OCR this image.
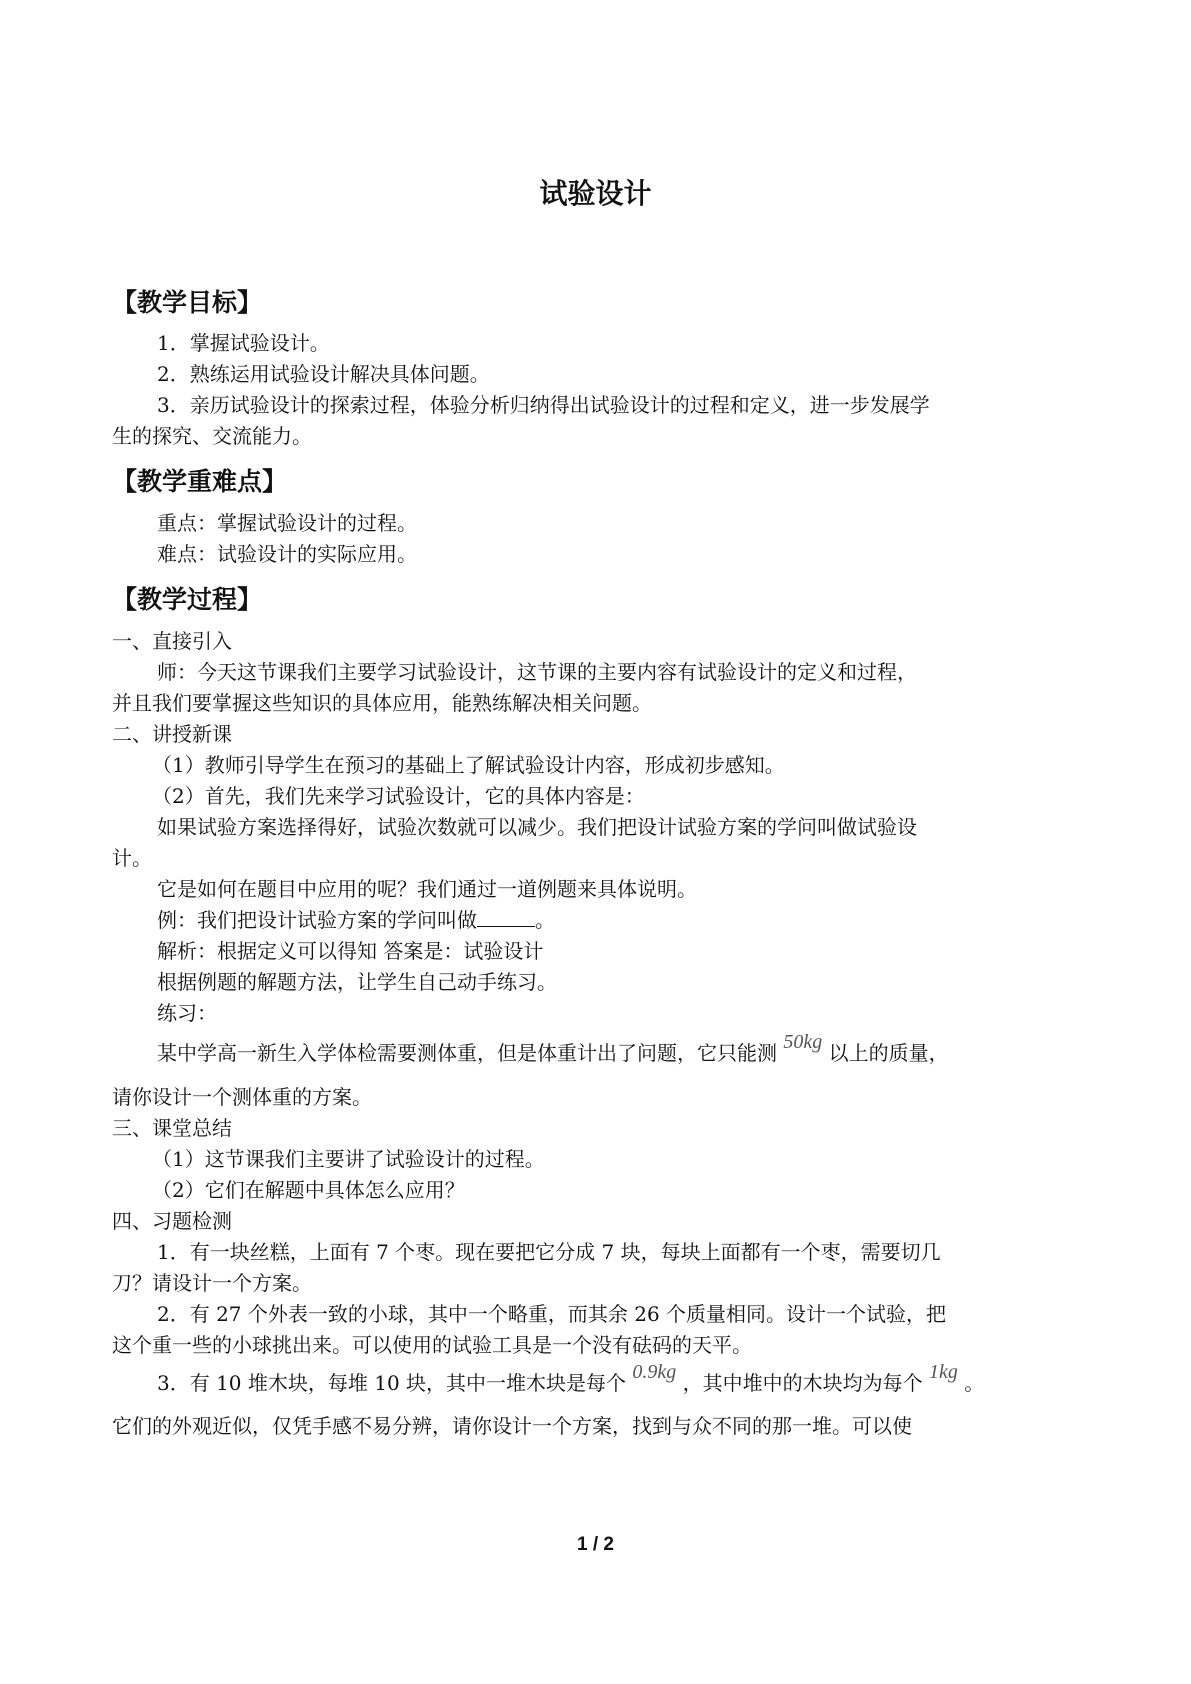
试验设计
【教学目标】
1．掌握试验设计。
2．熟练运用试验设计解决具体问题。
3．亲历试验设计的探索过程，体验分析归纳得出试验设计的过程和定义，进一步发展学
生的探究、交流能力。
【教学重难点】
重点：掌握试验设计的过程。
难点：试验设计的实际应用。
【教学过程】
一、直接引入
师：今天这节课我们主要学习试验设计，这节课的主要内容有试验设计的定义和过程，
并且我们要掌握这些知识的具体应用，能熟练解决相关问题。
二、讲授新课
（1）教师引导学生在预习的基础上了解试验设计内容，形成初步感知。
（2）首先，我们先来学习试验设计，它的具体内容是：
如果试验方案选择得好，试验次数就可以减少。我们把设计试验方案的学问叫做试验设
计。
它是如何在题目中应用的呢？我们通过一道例题来具体说明。
例：我们把设计试验方案的学问叫做	。
解析：根据定义可以得知 答案是：试验设计
根据例题的解题方法，让学生自己动手练习。
练习：
某中学高一新生入学体检需要测体重，但是体重计出了问题，它只能测 50kg 以上的质量，
请你设计一个测体重的方案。
三、课堂总结
（1）这节课我们主要讲了试验设计的过程。
（2）它们在解题中具体怎么应用？
四、习题检测
1．有一块丝糕，上面有 7 个枣。现在要把它分成 7 块，每块上面都有一个枣，需要切几
刀？请设计一个方案。
2．有 27 个外表一致的小球，其中一个略重，而其余 26 个质量相同。设计一个试验，把
这个重一些的小球挑出来。可以使用的试验工具是一个没有砝码的天平。
3．有 10 堆木块，每堆 10 块，其中一堆木块是每个 0.9kg ，其中堆中的木块均为每个 1kg 。
它们的外观近似，仅凭手感不易分辨，请你设计一个方案，找到与众不同的那一堆。可以使
1 / 2
